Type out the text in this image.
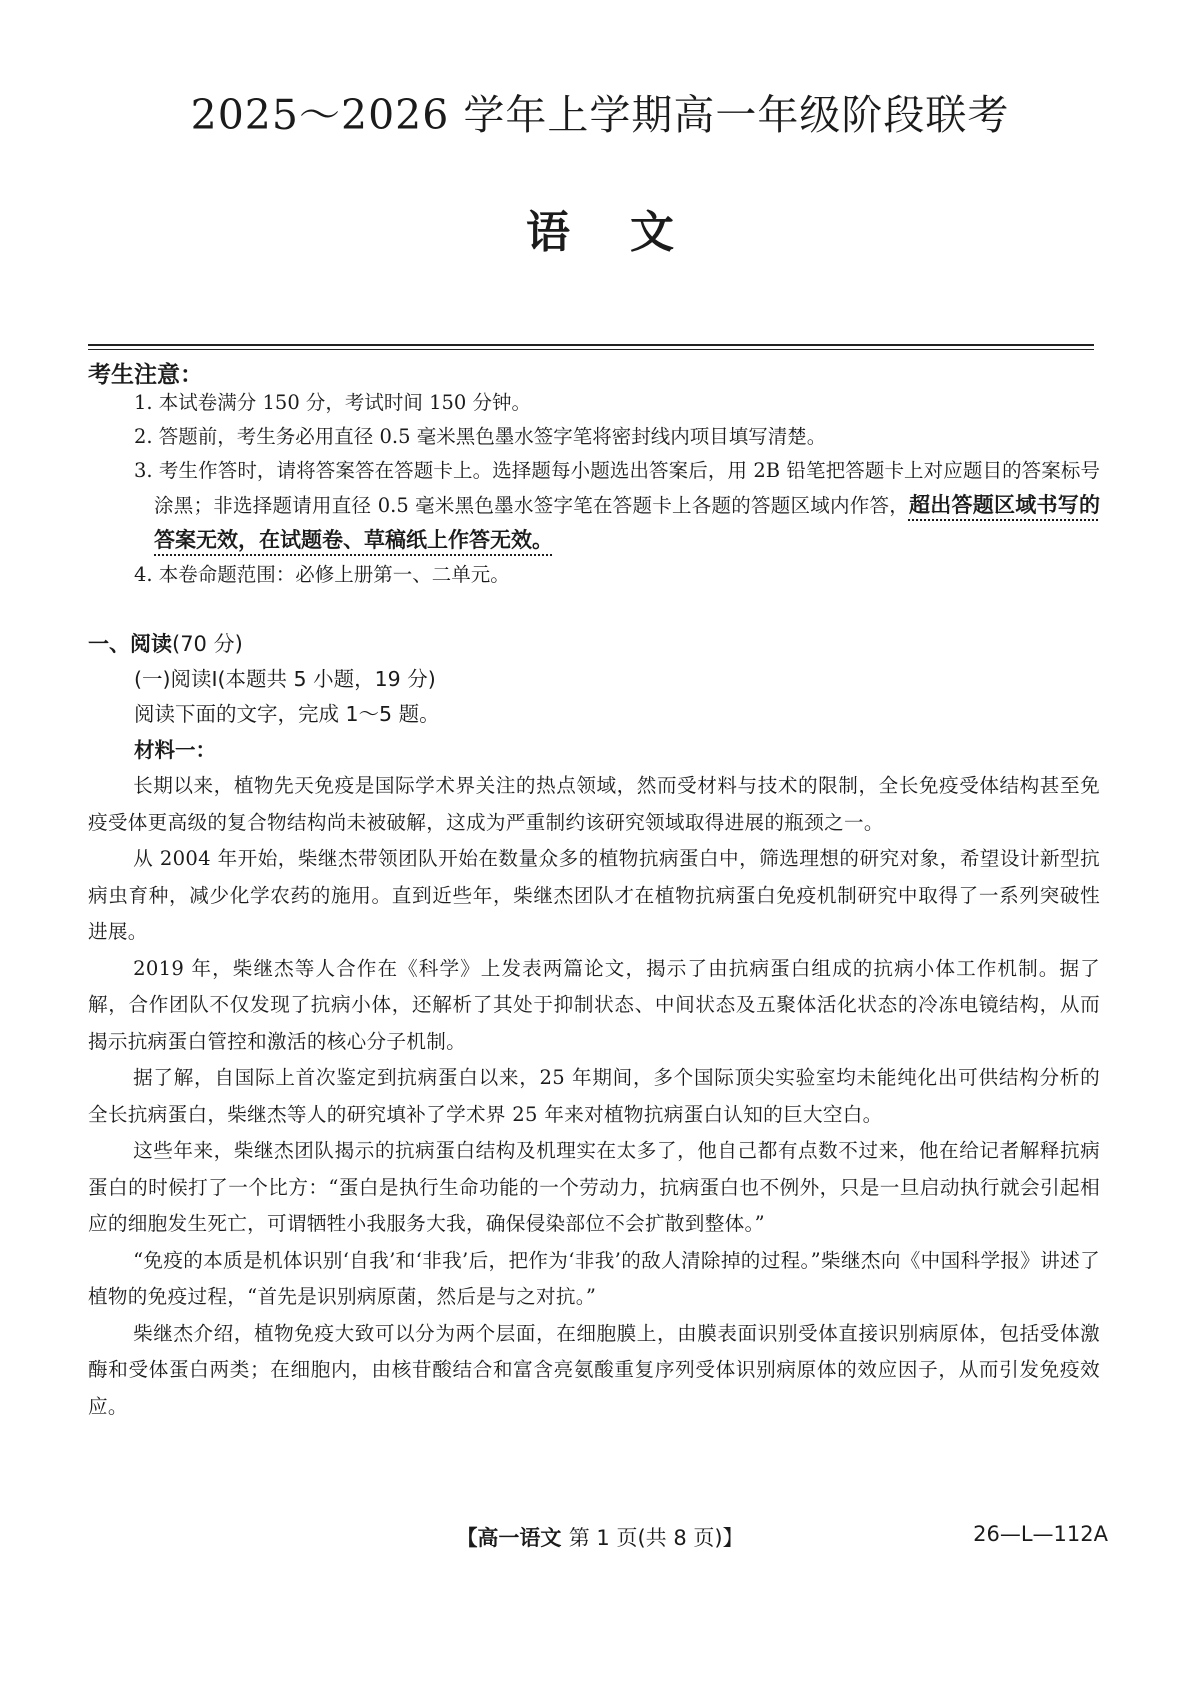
2025～2026 学年上学期高一年级阶段联考
语文
考生注意：
1. 本试卷满分 150 分，考试时间 150 分钟。
2. 答题前，考生务必用直径 0.5 毫米黑色墨水签字笔将密封线内项目填写清楚。
3. 考生作答时，请将答案答在答题卡上。选择题每小题选出答案后，用 2B 铅笔把答题卡上对应题目的答案标号涂黑；非选择题请用直径 0.5 毫米黑色墨水签字笔在答题卡上各题的答题区域内作答，超出答题区域书写的答案无效，在试题卷、草稿纸上作答无效。
4. 本卷命题范围：必修上册第一、二单元。
一、阅读(70 分)
(一)阅读Ⅰ(本题共 5 小题，19 分)
阅读下面的文字，完成 1～5 题。
材料一：

长期以来，植物先天免疫是国际学术界关注的热点领域，然而受材料与技术的限制，全长免疫受体结构甚至免疫受体更高级的复合物结构尚未被破解，这成为严重制约该研究领域取得进展的瓶颈之一。

从 2004 年开始，柴继杰带领团队开始在数量众多的植物抗病蛋白中，筛选理想的研究对象，希望设计新型抗病虫育种，减少化学农药的施用。直到近些年，柴继杰团队才在植物抗病蛋白免疫机制研究中取得了一系列突破性进展。

2019 年，柴继杰等人合作在《科学》上发表两篇论文，揭示了由抗病蛋白组成的抗病小体工作机制。据了解，合作团队不仅发现了抗病小体，还解析了其处于抑制状态、中间状态及五聚体活化状态的冷冻电镜结构，从而揭示抗病蛋白管控和激活的核心分子机制。

据了解，自国际上首次鉴定到抗病蛋白以来，25 年期间，多个国际顶尖实验室均未能纯化出可供结构分析的全长抗病蛋白，柴继杰等人的研究填补了学术界 25 年来对植物抗病蛋白认知的巨大空白。

这些年来，柴继杰团队揭示的抗病蛋白结构及机理实在太多了，他自己都有点数不过来，他在给记者解释抗病蛋白的时候打了一个比方：“蛋白是执行生命功能的一个劳动力，抗病蛋白也不例外，只是一旦启动执行就会引起相应的细胞发生死亡，可谓牺牲小我服务大我，确保侵染部位不会扩散到整体。”

“免疫的本质是机体识别‘自我’和‘非我’后，把作为‘非我’的敌人清除掉的过程。”柴继杰向《中国科学报》讲述了植物的免疫过程，“首先是识别病原菌，然后是与之对抗。”

柴继杰介绍，植物免疫大致可以分为两个层面，在细胞膜上，由膜表面识别受体直接识别病原体，包括受体激酶和受体蛋白两类；在细胞内，由核苷酸结合和富含亮氨酸重复序列受体识别病原体的效应因子，从而引发免疫效应。

【高一语文 第 1 页(共 8 页)】	26—L—112A
